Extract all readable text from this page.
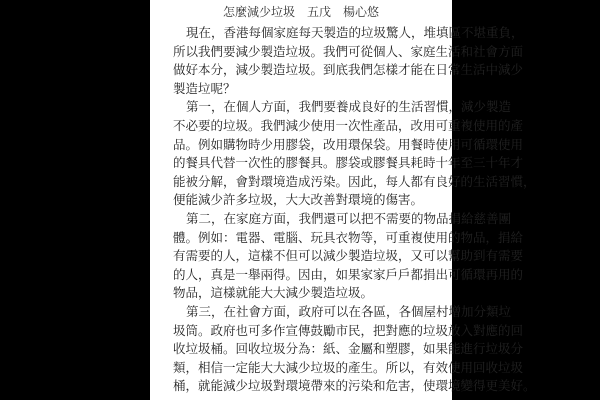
怎麼減少垃圾　五戊　楊心悠
現在，香港每個家庭每天製造的垃圾驚人，堆填區不堪重負，
所以我們要減少製造垃圾。我們可從個人、家庭生活和社會方面
做好本分，減少製造垃圾。到底我們怎樣才能在日常生活中減少
製造垃呢？
第一，在個人方面，我們要養成良好的生活習慣，減少製造
不必要的垃圾。我們減少使用一次性產品，改用可重複使用的產
品。例如購物時少用膠袋，改用環保袋。用餐時使用可循環使用
的餐具代替一次性的膠餐具。膠袋或膠餐具耗時十年至三十年才
能被分解，會對環境造成汚染。因此，每人都有良好的生活習慣，
便能減少許多垃圾，大大改善對環境的傷害。
第二，在家庭方面，我們還可以把不需要的物品捐給慈善團
體。例如：電器、電腦、玩具衣物等，可重複使用的物品，捐給
有需要的人，這樣不但可以減少製造垃圾，又可以幫助到有需要
的人，真是一舉兩得。因由，如果家家戶戶都捐出可循環再用的
物品，這樣就能大大減少製造垃圾。
第三，在社會方面，政府可以在各區，各個屋村增加分類垃
圾筒。政府也可多作宣傳鼓勵市民，把對應的垃圾放入對應的回
收垃圾桶。回收垃圾分為：紙、金屬和塑膠，如果能進行垃圾分
類，相信一定能大大減少垃圾的產生。所以，有效使用回收垃圾
桶，就能減少垃圾對環境帶來的污染和危害，使環境變得更美好。
